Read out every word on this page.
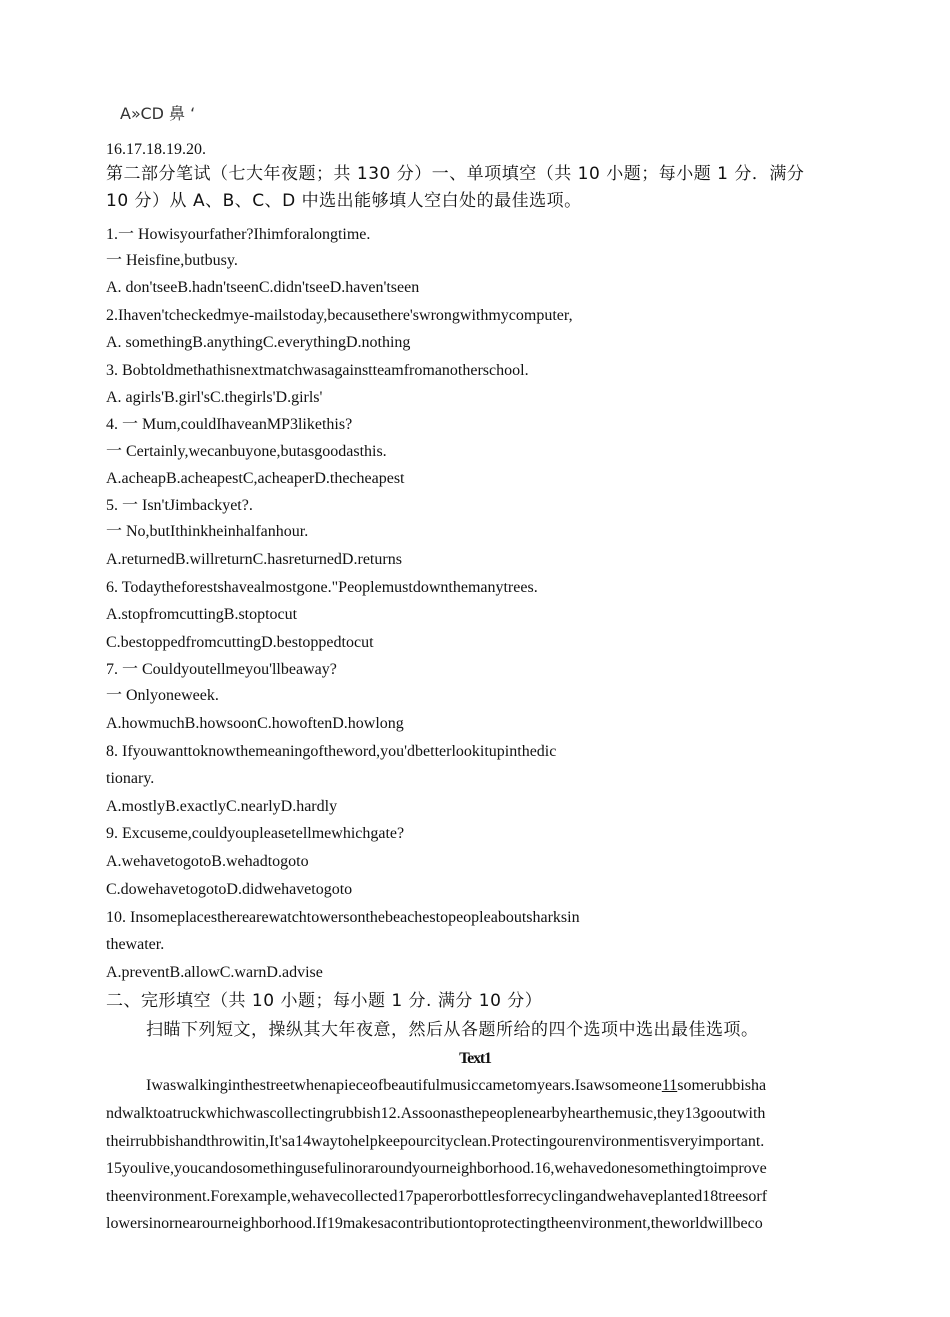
A»CD 鼻 ‘
16.17.18.19.20.
第二部分笔试（七大年夜题；共 130 分）一、单项填空（共 10 小题；每小题 1 分．满分
10 分）从 A、B、C、D 中选出能够填人空白处的最佳选项。
1.一 Howisyourfather?Ihimforalongtime.
一 Heisfine,butbusy.
A. don'tseeB.hadn'tseenC.didn'tseeD.haven'tseen
2.Ihaven'tcheckedmye-mailstoday,becausethere'swrongwithmycomputer,
A. somethingB.anythingC.everythingD.nothing
3. Bobtoldmethathisnextmatchwasagainstteamfromanotherschool.
A. agirls'B.girl'sC.thegirls'D.girls'
4. 一 Mum,couldIhaveanMP3likethis?
一 Certainly,wecanbuyone,butasgoodasthis.
A.acheapB.acheapestC,acheaperD.thecheapest
5. 一 Isn'tJimbackyet?.
一 No,butIthinkheinhalfanhour.
A.returnedB.willreturnC.hasreturnedD.returns
6. Todaytheforestshavealmostgone."Peoplemustdownthemanytrees.
A.stopfromcuttingB.stoptocut
C.bestoppedfromcuttingD.bestoppedtocut
7. 一 Couldyoutellmeyou'llbeaway?
一 Onlyoneweek.
A.howmuchB.howsoonC.howoftenD.howlong
8. Ifyouwanttoknowthemeaningoftheword,you'dbetterlookitupinthedic
tionary.
A.mostlyB.exactlyC.nearlyD.hardly
9. Excuseme,couldyoupleasetellmewhichgate?
A.wehavetogotoB.wehadtogoto
C.dowehavetogotoD.didwehavetogoto
10. Insomeplacestherearewatchtowersonthebeachestopeopleaboutsharksin
thewater.
A.preventB.allowC.warnD.advise
二、完形填空（共 10 小题；每小题 1 分. 满分 10 分）
扫瞄下列短文，操纵其大年夜意，然后从各题所给的四个选项中选出最佳选项。
Text1
Iwaswalkinginthestreetwhenapieceofbeautifulmusiccametomyears.Isawsomeone11somerubbisha
ndwalktoatruckwhichwascollectingrubbish12.Assoonasthepeoplenearbyhearthemusic,they13gooutwith
theirrubbishandthrowitin,It'sa14waytohelpkeepourcityclean.Protectingourenvironmentisveryimportant.
15youlive,youcandosomethingusefulinoraroundyourneighborhood.16,wehavedonesomethingtoimprove
theenvironment.Forexample,wehavecollected17paperorbottlesforrecyclingandwehaveplanted18treesorf
lowersinornearourneighborhood.If19makesacontributiontoprotectingtheenvironment,theworldwillbeco
